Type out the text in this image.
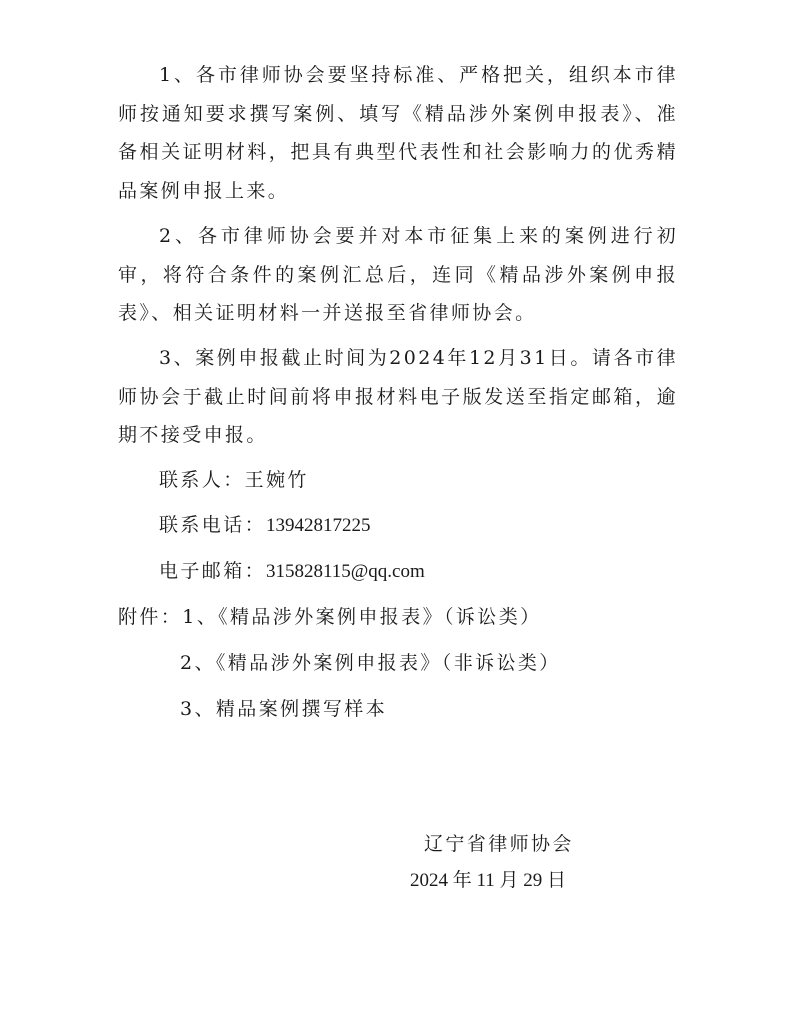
1、各市律师协会要坚持标准、严格把关，组织本市律师按通知要求撰写案例、填写《精品涉外案例申报表》、准备相关证明材料，把具有典型代表性和社会影响力的优秀精品案例申报上来。

2、各市律师协会要并对本市征集上来的案例进行初审，将符合条件的案例汇总后，连同《精品涉外案例申报表》、相关证明材料一并送报至省律师协会。

3、案例申报截止时间为2024年12月31日。请各市律师协会于截止时间前将申报材料电子版发送至指定邮箱，逾期不接受申报。

联系人：王婉竹

联系电话：13942817225

电子邮箱：315828115@qq.com

附件：1、《精品涉外案例申报表》（诉讼类）

2、《精品涉外案例申报表》（非诉讼类）

3、精品案例撰写样本

辽宁省律师协会

2024 年 11 月 29 日
